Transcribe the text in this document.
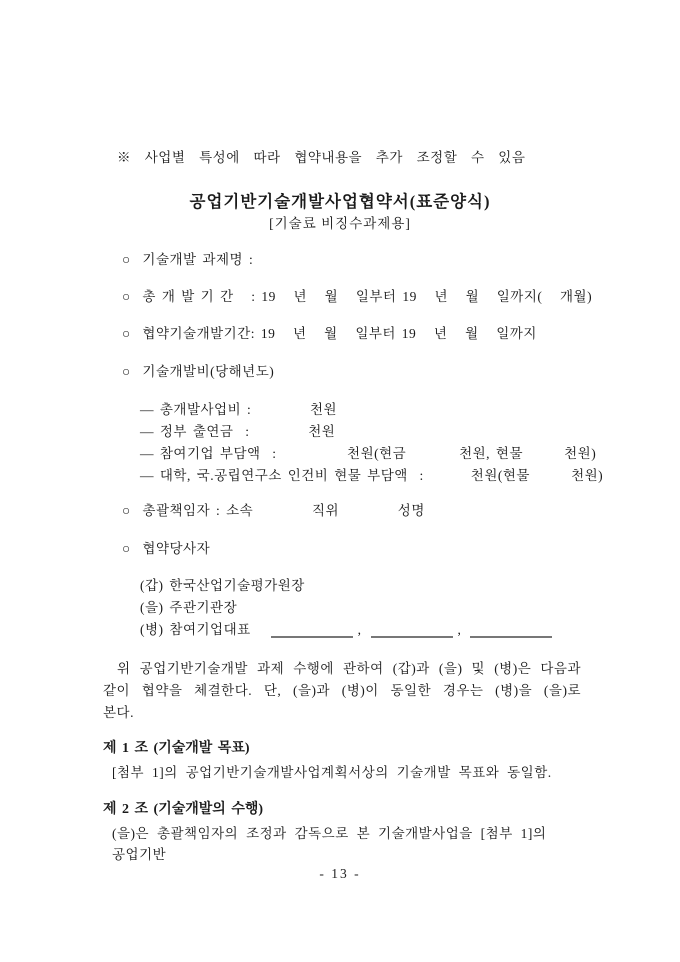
※  사업별  특성에  따라  협약내용을  추가  조정할  수  있음
공업기반기술개발사업협약서(표준양식)
[기술료 비징수과제용]
○  기술개발 과제명 :
○  총 개 발 기 간   : 19   년   월   일부터 19   년   월   일까지(   개월)
○  협약기술개발기간: 19   년   월   일부터 19   년   월   일까지
○  기술개발비(당해년도)
— 총개발사업비 :          천원
— 정부 출연금  :          천원
— 참여기업 부담액  :            천원(현금         천원, 현물       천원)
— 대학, 국.공립연구소 인건비 현물 부담액  :        천원(현물       천원)
○  총괄책임자 : 소속          직위          성명
○  협약당사자
(갑) 한국산업기술평가원장
(을) 주관기관장
(병) 참여기업대표	,	,
위 공업기반기술개발 과제 수행에 관하여 (갑)과 (을) 및 (병)은 다음과 같이 협약을 체결한다. 단, (을)과 (병)이 동일한 경우는 (병)을 (을)로 본다.
제 1 조 (기술개발 목표)
[첨부 1]의 공업기반기술개발사업계획서상의 기술개발 목표와 동일함.
제 2 조 (기술개발의 수행)
(을)은 총괄책임자의 조정과 감독으로 본 기술개발사업을 [첨부 1]의 공업기반
- 13 -
